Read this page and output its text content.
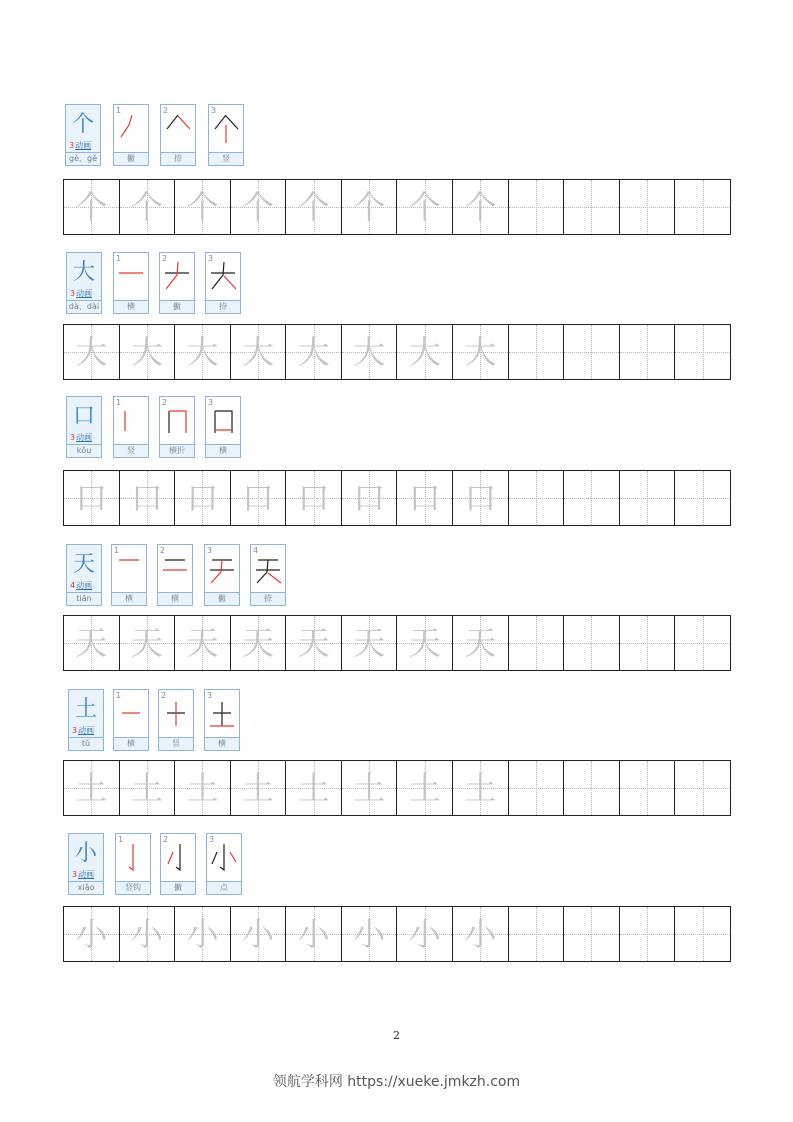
个
3动画
gè、gě
1
撇
2
捺
3
竖
个 个 个 个 个 个 个 个
大
3动画
dà、dài
1
横
2
撇
3
捺
大 大 大 大 大 大 大 大
口
3动画
kǒu
1
竖
2
横折
3
横
口 口 口 口 口 口 口 口
天
4动画
tiān
1
横
2
横
3
撇
4
捺
天 天 天 天 天 天 天 天
土
3动画
tǔ
1
横
2
竖
3
横
土 土 土 土 土 土 土 土
小
3动画
xiǎo
1
竖钩
2
撇
3
点
小 小 小 小 小 小 小 小
2
领航学科网 https://xueke.jmkzh.com
